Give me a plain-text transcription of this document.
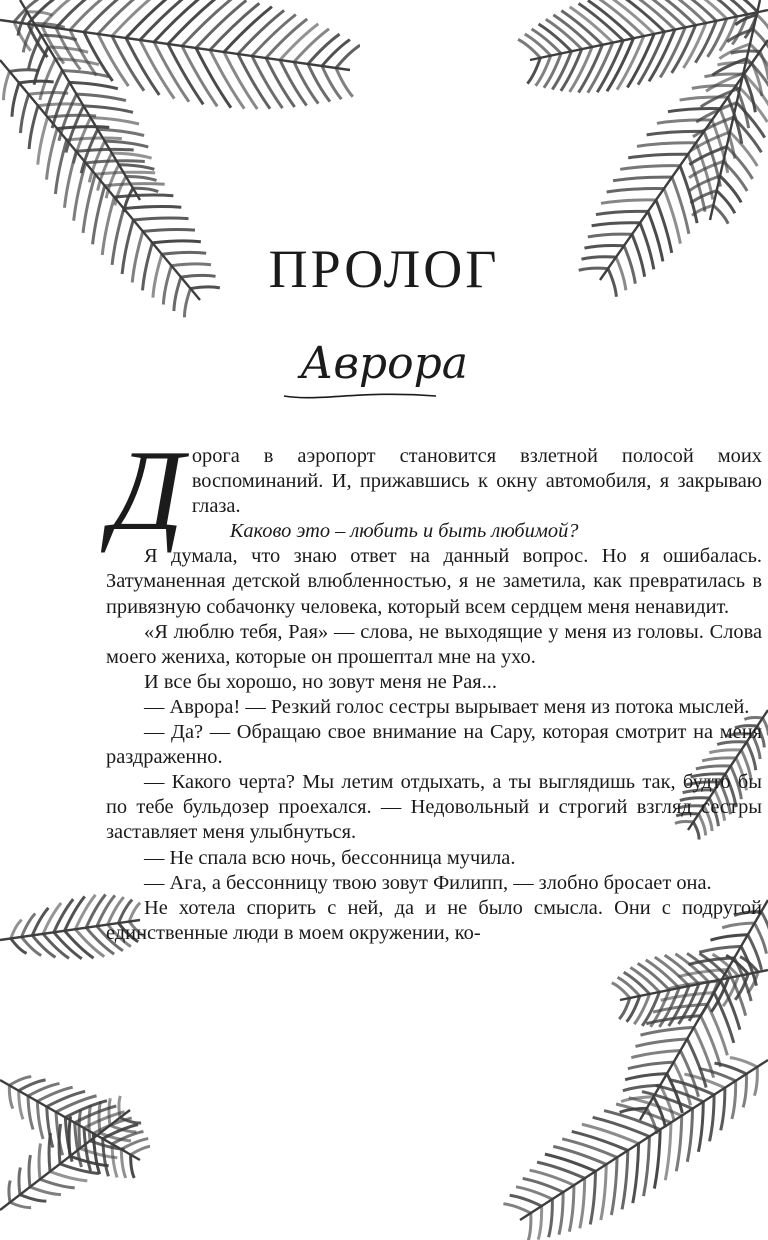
ПРОЛОГ
Аврора

Дорога в аэропорт становится взлетной полосой моих воспоминаний. И, прижавшись к окну автомобиля, я закрываю глаза.

Каково это – любить и быть любимой?

Я думала, что знаю ответ на данный вопрос. Но я ошибалась. Затуманенная детской влюбленностью, я не заметила, как превратилась в привязную собачонку человека, который всем сердцем меня ненавидит.

«Я люблю тебя, Рая» — слова, не выходящие у меня из головы. Слова моего жениха, которые он прошептал мне на ухо.

И все бы хорошо, но зовут меня не Рая...

— Аврора! — Резкий голос сестры вырывает меня из потока мыслей.

— Да? — Обращаю свое внимание на Сару, которая смотрит на меня раздраженно.

— Какого черта? Мы летим отдыхать, а ты выглядишь так, будто бы по тебе бульдозер проехался. — Недовольный и строгий взгляд сестры заставляет меня улыбнуться.

— Не спала всю ночь, бессонница мучила.

— Ага, а бессонницу твою зовут Филипп, — злобно бросает она.

Не хотела спорить с ней, да и не было смысла. Они с подругой единственные люди в моем окружении, ко-
